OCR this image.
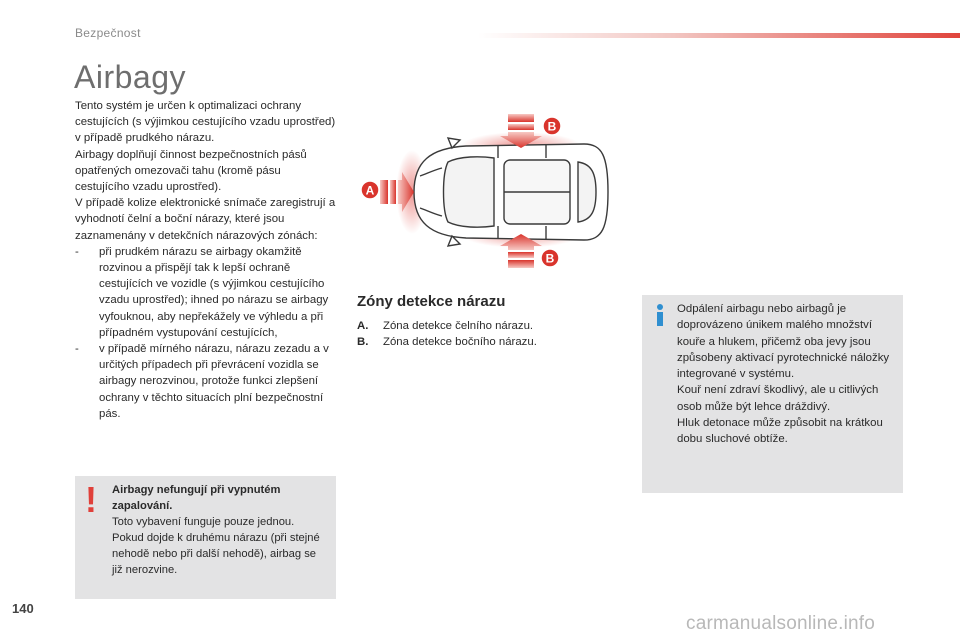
Bezpečnost
Airbagy

Tento systém je určen k optimalizaci ochrany cestujících (s výjimkou cestujícího vzadu uprostřed) v případě prudkého nárazu.

Airbagy doplňují činnost bezpečnostních pásů opatřených omezovači tahu (kromě pásu cestujícího vzadu uprostřed).

V případě kolize elektronické snímače zaregistrují a vyhodnotí čelní a boční nárazy, které jsou zaznamenány v detekčních nárazových zónách:

-	při prudkém nárazu se airbagy okamžitě rozvinou a přispějí tak k lepší ochraně cestujících ve vozidle (s výjimkou cestujícího vzadu uprostřed); ihned po nárazu se airbagy vyfouknou, aby nepřekážely ve výhledu a při případném vystupování cestujících,
-	v případě mírného nárazu, nárazu zezadu a v určitých případech při převrácení vozidla se airbagy nerozvinou, protože funkci zlepšení ochrany v těchto situacích plní bezpečnostní pás.
! Airbagy nefungují při vypnutém zapalování.

Toto vybavení funguje pouze jednou. Pokud dojde k druhému nárazu (při stejné nehodě nebo při další nehodě), airbag se již nerozvine.

B
B
A
Zóny detekce nárazu
A.	Zóna detekce čelního nárazu.
B.	Zóna detekce bočního nárazu.

Odpálení airbagu nebo airbagů je doprovázeno únikem malého množství kouře a hlukem, přičemž oba jevy jsou způsobeny aktivací pyrotechnické náložky integrované v systému.

Kouř není zdraví škodlivý, ale u citlivých osob může být lehce dráždivý.

Hluk detonace může způsobit na krátkou dobu sluchové obtíže.

140
carmanualsonline.info
